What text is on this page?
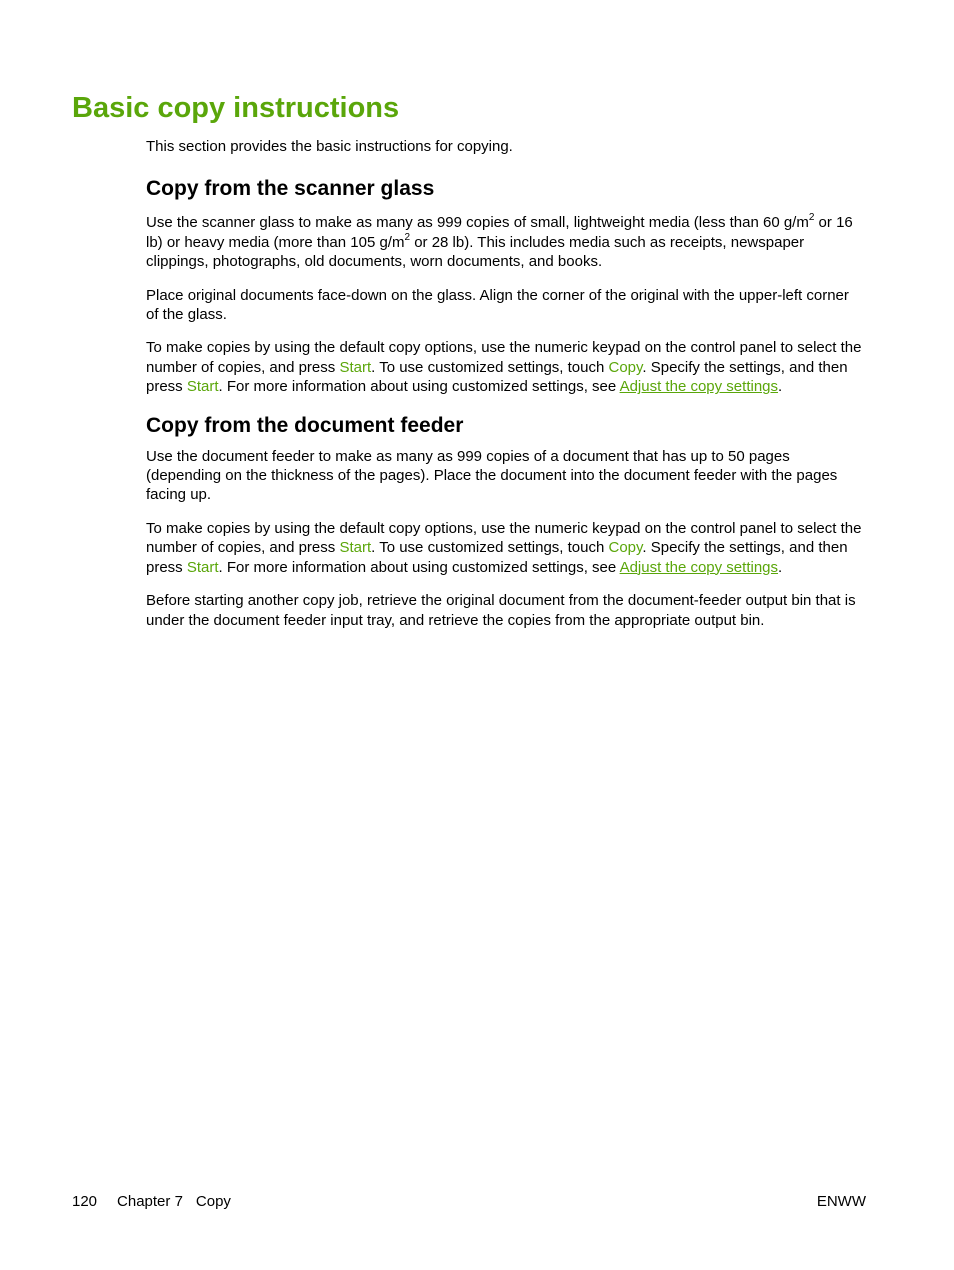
Basic copy instructions

This section provides the basic instructions for copying.

Copy from the scanner glass

Use the scanner glass to make as many as 999 copies of small, lightweight media (less than 60 $g/m^2$ or 16 lb) or heavy media (more than 105 $g/m^2$ or 28 lb). This includes media such as receipts, newspaper clippings, photographs, old documents, worn documents, and books.

Place original documents face-down on the glass. Align the corner of the original with the upper-left corner of the glass.

To make copies by using the default copy options, use the numeric keypad on the control panel to select the number of copies, and press Start. To use customized settings, touch Copy. Specify the settings, and then press Start. For more information about using customized settings, see Adjust the copy settings.

Copy from the document feeder

Use the document feeder to make as many as 999 copies of a document that has up to 50 pages (depending on the thickness of the pages). Place the document into the document feeder with the pages facing up.

To make copies by using the default copy options, use the numeric keypad on the control panel to select the number of copies, and press Start. To use customized settings, touch Copy. Specify the settings, and then press Start. For more information about using customized settings, see Adjust the copy settings.

Before starting another copy job, retrieve the original document from the document-feeder output bin that is under the document feeder input tray, and retrieve the copies from the appropriate output bin.

120 Chapter 7 Copy	ENWW
